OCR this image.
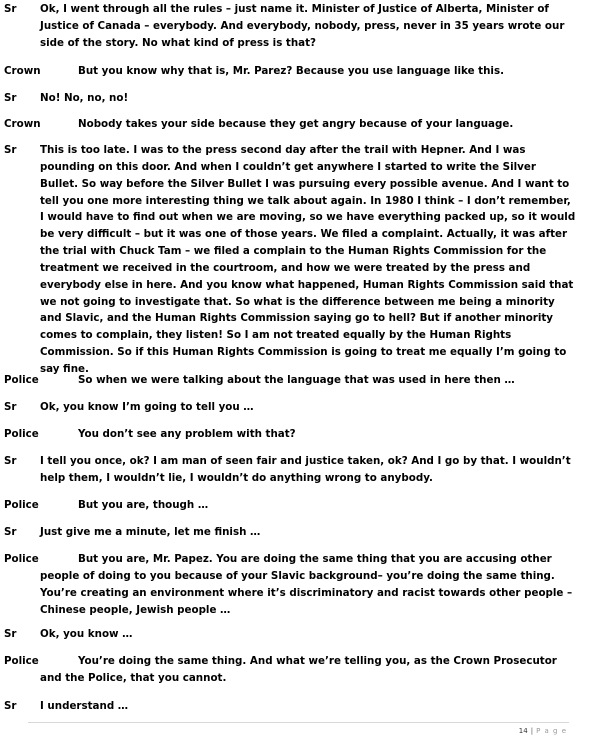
Sr Ok, I went through all the rules – just name it. Minister of Justice of Alberta, Minister of Justice of Canada – everybody. And everybody, nobody, press, never in 35 years wrote our side of the story. No what kind of press is that?
Crown	But you know why that is, Mr. Parez? Because you use language like this.
Sr No! No, no, no!
Crown	Nobody takes your side because they get angry because of your language.
Sr This is too late. I was to the press second day after the trail with Hepner. And I was pounding on this door. And when I couldn’t get anywhere I started to write the Silver Bullet. So way before the Silver Bullet I was pursuing every possible avenue. And I want to tell you one more interesting thing we talk about again. In 1980 I think – I don’t remember, I would have to find out when we are moving, so we have everything packed up, so it would be very difficult – but it was one of those years. We filed a complaint. Actually, it was after the trial with Chuck Tam – we filed a complain to the Human Rights Commission for the treatment we received in the courtroom, and how we were treated by the press and everybody else in here. And you know what happened, Human Rights Commission said that we not going to investigate that. So what is the difference between me being a minority and Slavic, and the Human Rights Commission saying go to hell? But if another minority comes to complain, they listen! So I am not treated equally by the Human Rights Commission. So if this Human Rights Commission is going to treat me equally I’m going to say fine.
Police	So when we were talking about the language that was used in here then …
Sr Ok, you know I’m going to tell you …
Police	You don’t see any problem with that?
Sr I tell you once, ok? I am man of seen fair and justice taken, ok? And I go by that. I wouldn’t help them, I wouldn’t lie, I wouldn’t do anything wrong to anybody.
Police	But you are, though …
Sr Just give me a minute, let me finish …
Police	But you are, Mr. Papez. You are doing the same thing that you are accusing other people of doing to you because of your Slavic background– you’re doing the same thing. You’re creating an environment where it’s discriminatory and racist towards other people – Chinese people, Jewish people …
Sr Ok, you know …
Police	You’re doing the same thing. And what we’re telling you, as the Crown Prosecutor and the Police, that you cannot.
Sr I understand …
14 | P a g e
